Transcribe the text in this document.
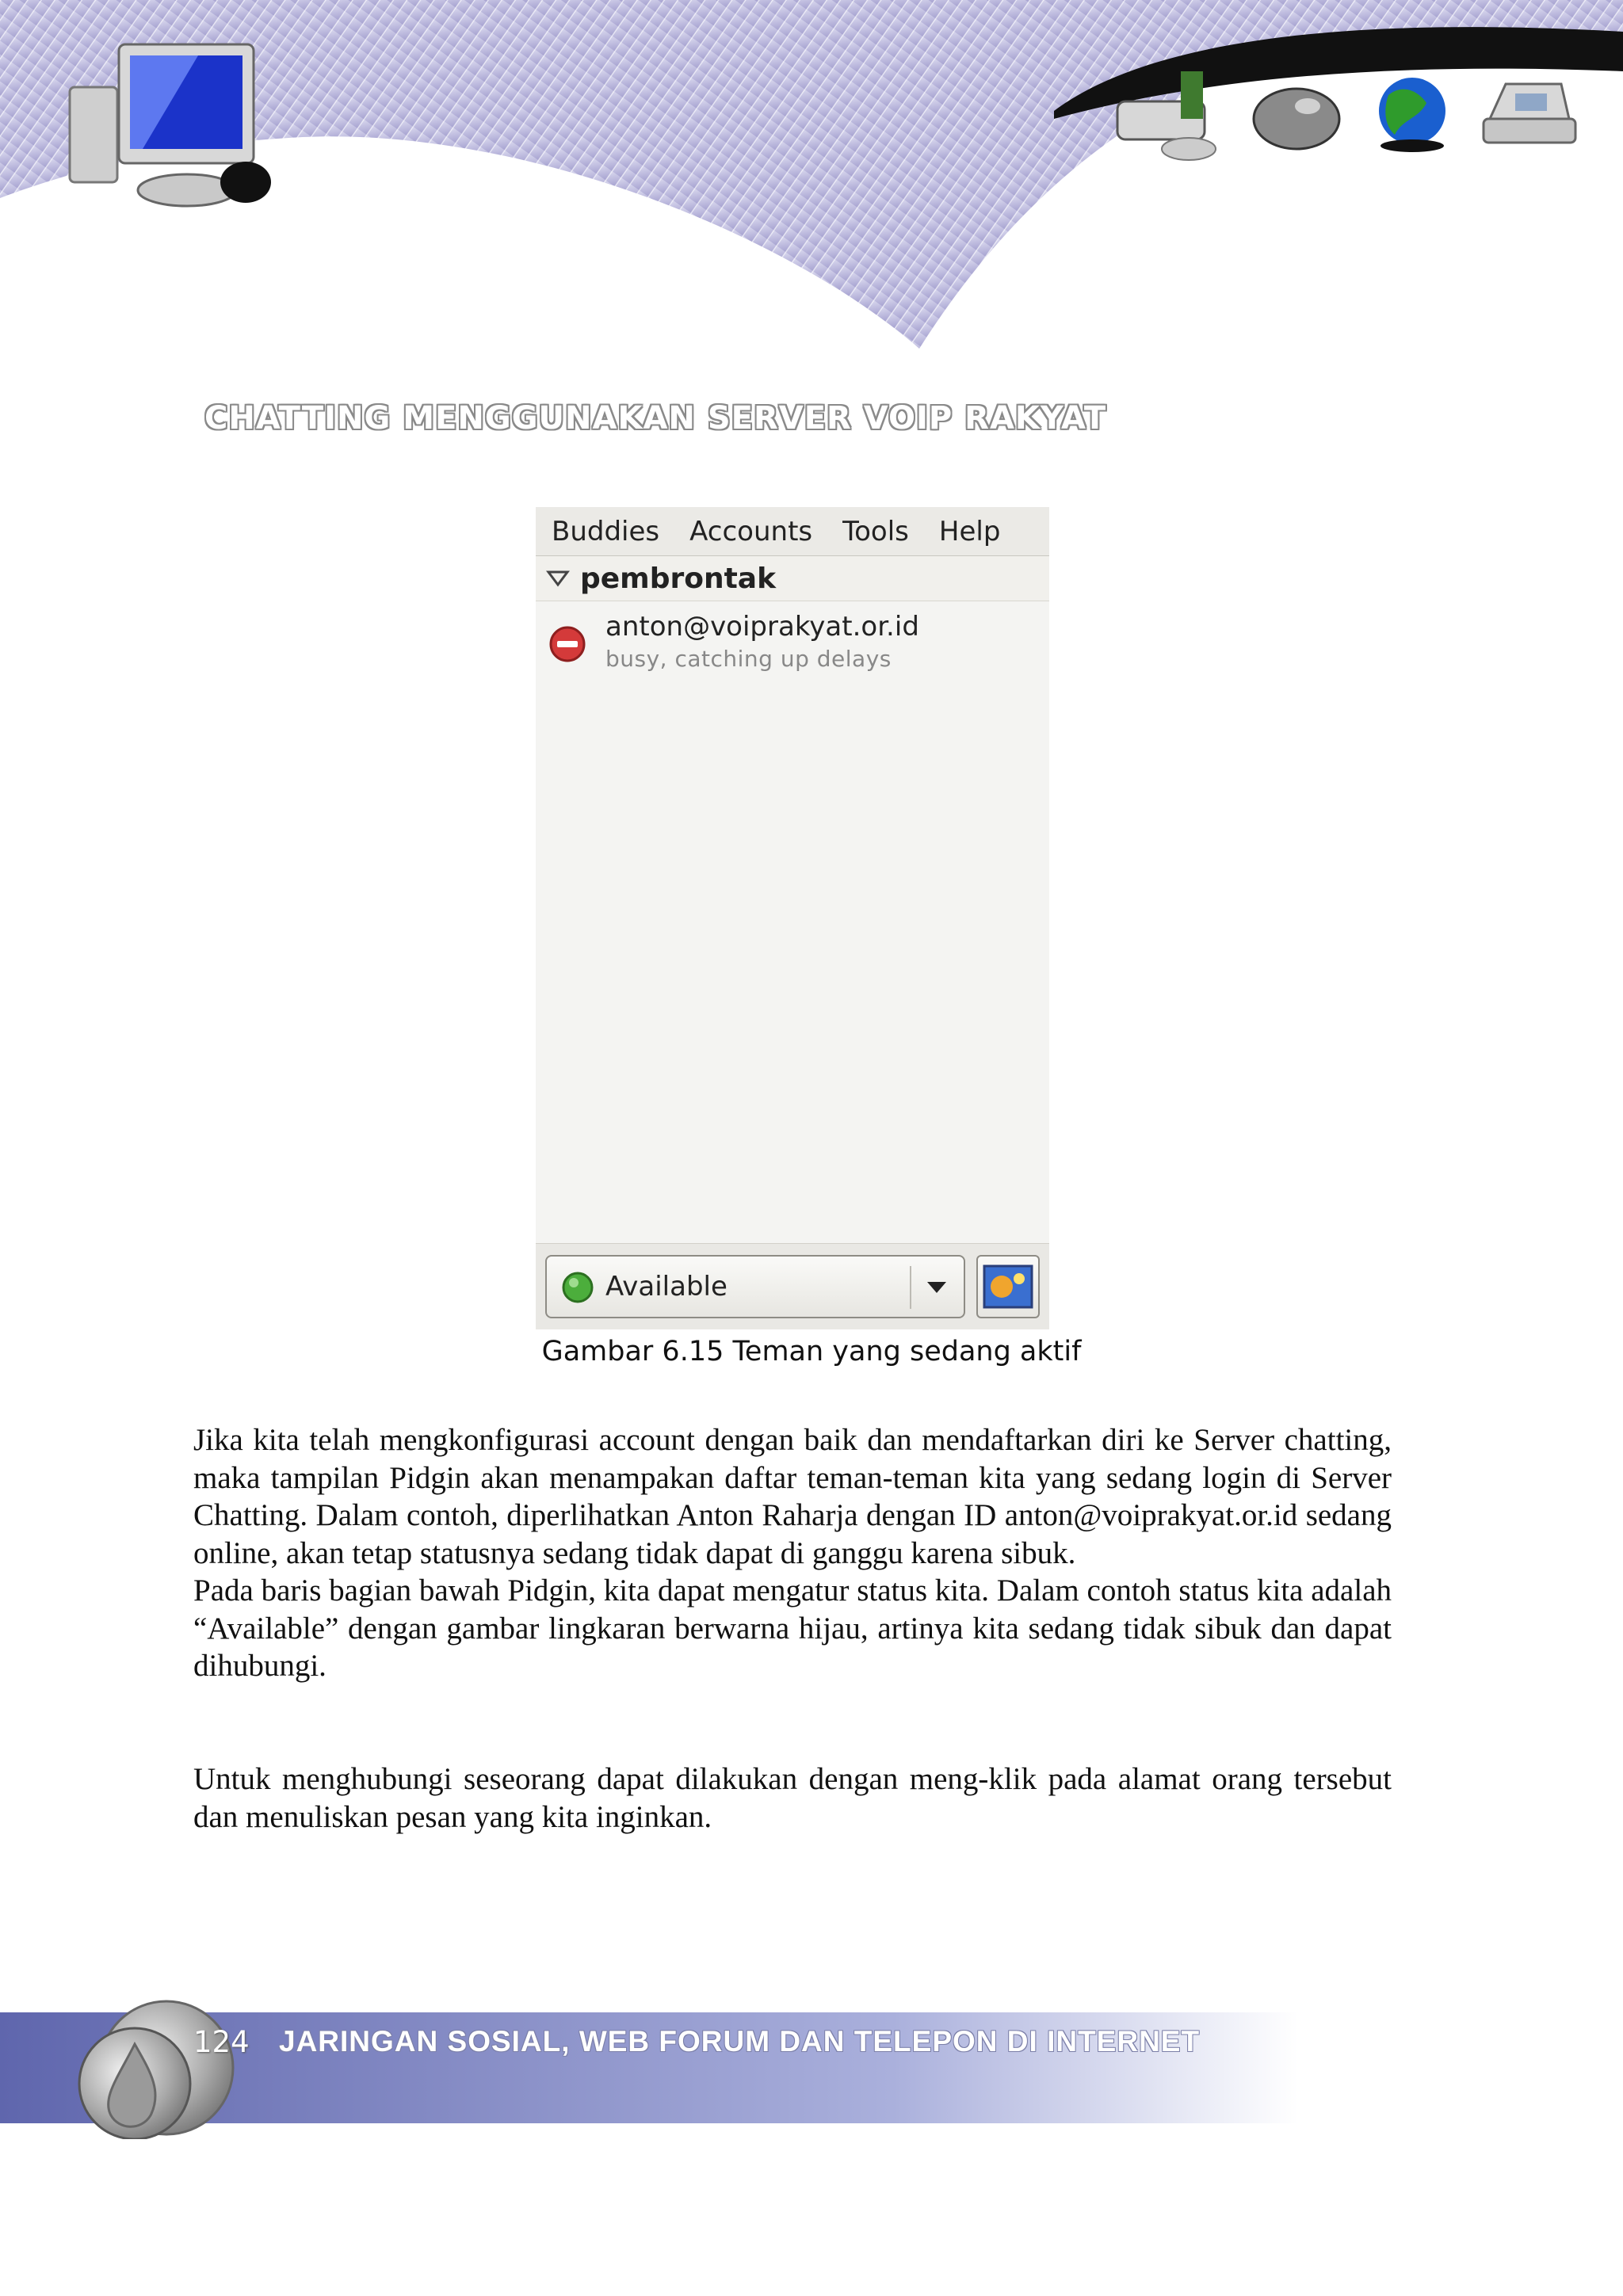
CHATTING MENGGUNAKAN SERVER VOIP RAKYAT
Buddies Accounts Tools Help
pembrontak
anton@voiprakyat.or.id
busy, catching up delays
Available
Gambar 6.15 Teman yang sedang aktif
Jika kita telah mengkonfigurasi account dengan baik dan mendaftarkan diri ke Server chatting, maka tampilan Pidgin akan menampakan daftar teman-teman kita yang sedang login di Server Chatting. Dalam contoh, diperlihatkan Anton Raharja dengan ID anton@voiprakyat.or.id sedang online, akan tetap statusnya sedang tidak dapat di ganggu karena sibuk.
Pada baris bagian bawah Pidgin, kita dapat mengatur status kita. Dalam contoh status kita adalah “Available” dengan gambar lingkaran berwarna hijau, artinya kita sedang tidak sibuk dan dapat dihubungi.
Untuk menghubungi seseorang dapat dilakukan dengan meng-klik pada alamat orang tersebut dan menuliskan pesan yang kita inginkan.
124 JARINGAN SOSIAL, WEB FORUM DAN TELEPON DI INTERNET
